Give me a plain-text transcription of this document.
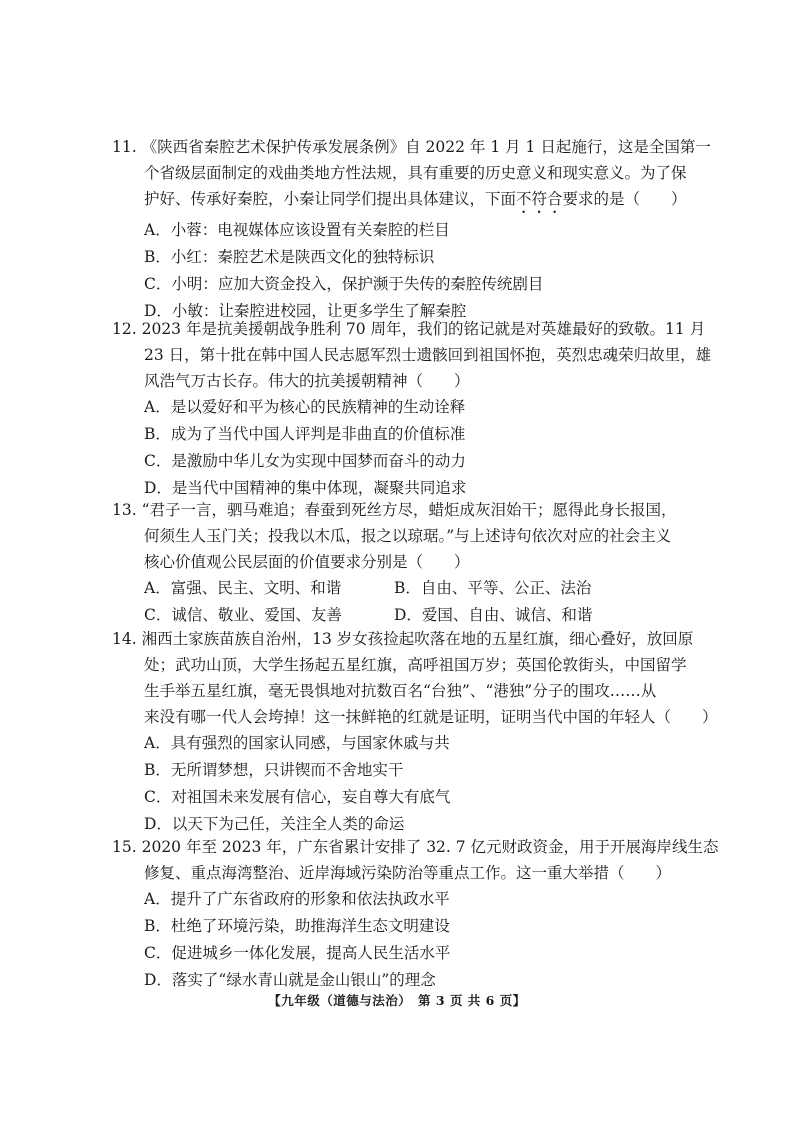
11. 《陕西省秦腔艺术保护传承发展条例》自 2022 年 1 月 1 日起施行，这是全国第一
个省级层面制定的戏曲类地方性法规，具有重要的历史意义和现实意义。为了保
护好、传承好秦腔，小秦让同学们提出具体建议，下面不符合要求的是（　　）

A．小蓉：电视媒体应该设置有关秦腔的栏目
B．小红：秦腔艺术是陕西文化的独特标识
C．小明：应加大资金投入，保护濒于失传的秦腔传统剧目
D．小敏：让秦腔进校园，让更多学生了解秦腔

12. 2023 年是抗美援朝战争胜利 70 周年，我们的铭记就是对英雄最好的致敬。11 月
23 日，第十批在韩中国人民志愿军烈士遗骸回到祖国怀抱，英烈忠魂荣归故里，雄
风浩气万古长存。伟大的抗美援朝精神（　　）

A．是以爱好和平为核心的民族精神的生动诠释
B．成为了当代中国人评判是非曲直的价值标准
C．是激励中华儿女为实现中国梦而奋斗的动力
D．是当代中国精神的集中体现，凝聚共同追求

13. “君子一言，驷马难追；春蚕到死丝方尽，蜡炬成灰泪始干；愿得此身长报国，
何须生人玉门关；投我以木瓜，报之以琼琚。”与上述诗句依次对应的社会主义
核心价值观公民层面的价值要求分别是（　　）

A．富强、民主、文明、和谐	B．自由、平等、公正、法治
C．诚信、敬业、爱国、友善	D．爱国、自由、诚信、和谐

14. 湘西土家族苗族自治州，13 岁女孩捡起吹落在地的五星红旗，细心叠好，放回原
处；武功山顶，大学生扬起五星红旗，高呼祖国万岁；英国伦敦街头，中国留学
生手举五星红旗，毫无畏惧地对抗数百名“台独”、“港独”分子的围攻……从
来没有哪一代人会垮掉！这一抹鲜艳的红就是证明，证明当代中国的年轻人（　　）

A．具有强烈的国家认同感，与国家休戚与共
B．无所谓梦想，只讲锲而不舍地实干
C．对祖国未来发展有信心，妄自尊大有底气
D．以天下为己任，关注全人类的命运

15. 2020 年至 2023 年，广东省累计安排了 32. 7 亿元财政资金，用于开展海岸线生态
修复、重点海湾整治、近岸海域污染防治等重点工作。这一重大举措（　　）

A．提升了广东省政府的形象和依法执政水平
B．杜绝了环境污染，助推海洋生态文明建设
C．促进城乡一体化发展，提高人民生活水平
D．落实了“绿水青山就是金山银山”的理念
【九年级（道德与法治）　第 3 页 共 6 页】
